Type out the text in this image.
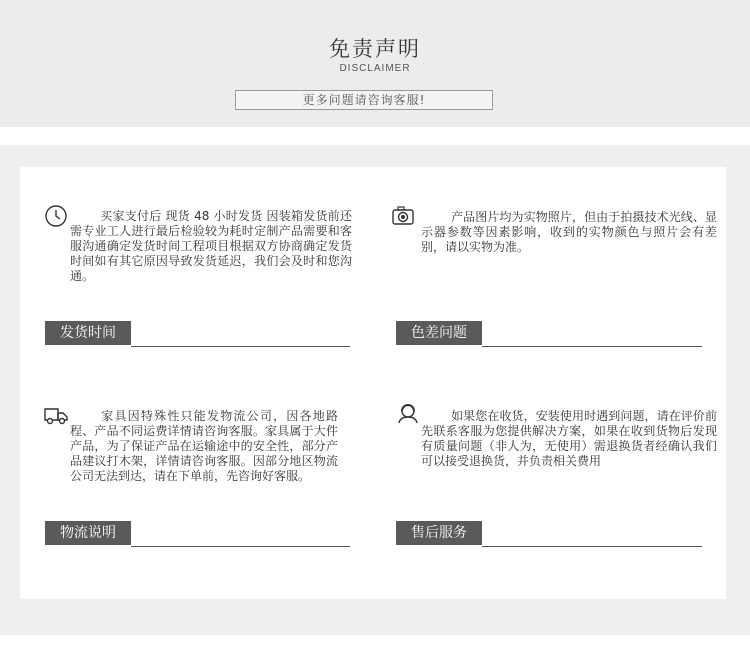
免责声明
DISCLAIMER
更多问题请咨询客服!
买家支付后 现货 48 小时发货 因装箱发货前还需专业工人进行最后检验较为耗时定制产品需要和客服沟通确定发货时间工程项目根据双方协商确定发货时间如有其它原因导致发货延迟，我们会及时和您沟通。
发货时间
产品图片均为实物照片，但由于拍摄技术光线、显示器参数等因素影响，收到的实物颜色与照片会有差别，请以实物为准。
色差问题
家具因特殊性只能发物流公司，因各地路程、产品不同运费详情请咨询客服。家具属于大件产品，为了保证产品在运输途中的安全性，部分产品建议打木架，详情请咨询客服。因部分地区物流公司无法到达，请在下单前，先咨询好客服。
物流说明
如果您在收货，安装使用时遇到问题，请在评价前先联系客服为您提供解决方案，如果在收到货物后发现有质量问题（非人为，无使用）需退换货者经确认我们可以接受退换货，并负责相关费用
售后服务
